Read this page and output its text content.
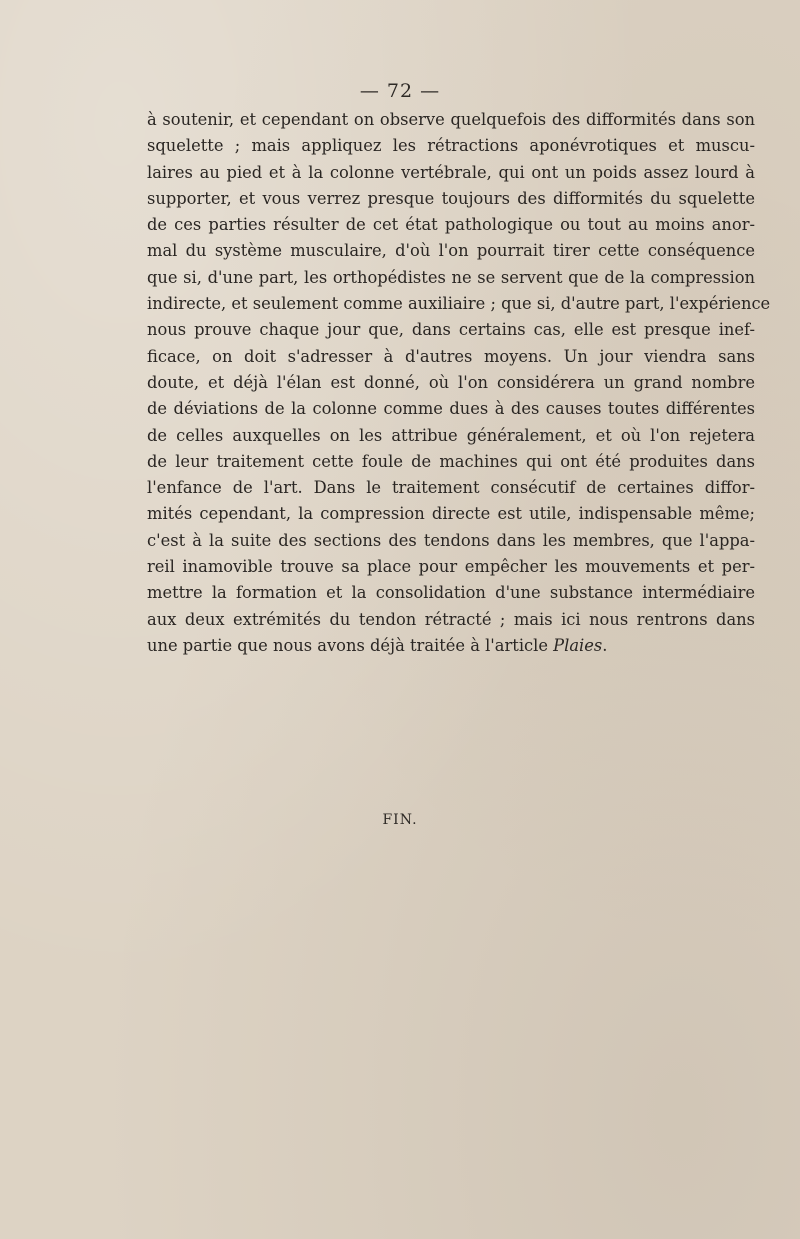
— 72 —
à soutenir, et cependant on observe quelquefois des difformités dans son
squelette ; mais appliquez les rétractions aponévrotiques et muscu-
laires au pied et à la colonne vertébrale, qui ont un poids assez lourd à
supporter, et vous verrez presque toujours des difformités du squelette
de ces parties résulter de cet état pathologique ou tout au moins anor-
mal du système musculaire, d'où l'on pourrait tirer cette conséquence
que si, d'une part, les orthopédistes ne se servent que de la compression
indirecte, et seulement comme auxiliaire ; que si, d'autre part, l'expérience
nous prouve chaque jour que, dans certains cas, elle est presque inef-
ficace, on doit s'adresser à d'autres moyens. Un jour viendra sans
doute, et déjà l'élan est donné, où l'on considérera un grand nombre
de déviations de la colonne comme dues à des causes toutes différentes
de celles auxquelles on les attribue généralement, et où l'on rejetera
de leur traitement cette foule de machines qui ont été produites dans
l'enfance de l'art. Dans le traitement consécutif de certaines diffor-
mités cependant, la compression directe est utile, indispensable même;
c'est à la suite des sections des tendons dans les membres, que l'appa-
reil inamovible trouve sa place pour empêcher les mouvements et per-
mettre la formation et la consolidation d'une substance intermédiaire
aux deux extrémités du tendon rétracté ; mais ici nous rentrons dans
une partie que nous avons déjà traitée à l'article Plaies.

FIN.
